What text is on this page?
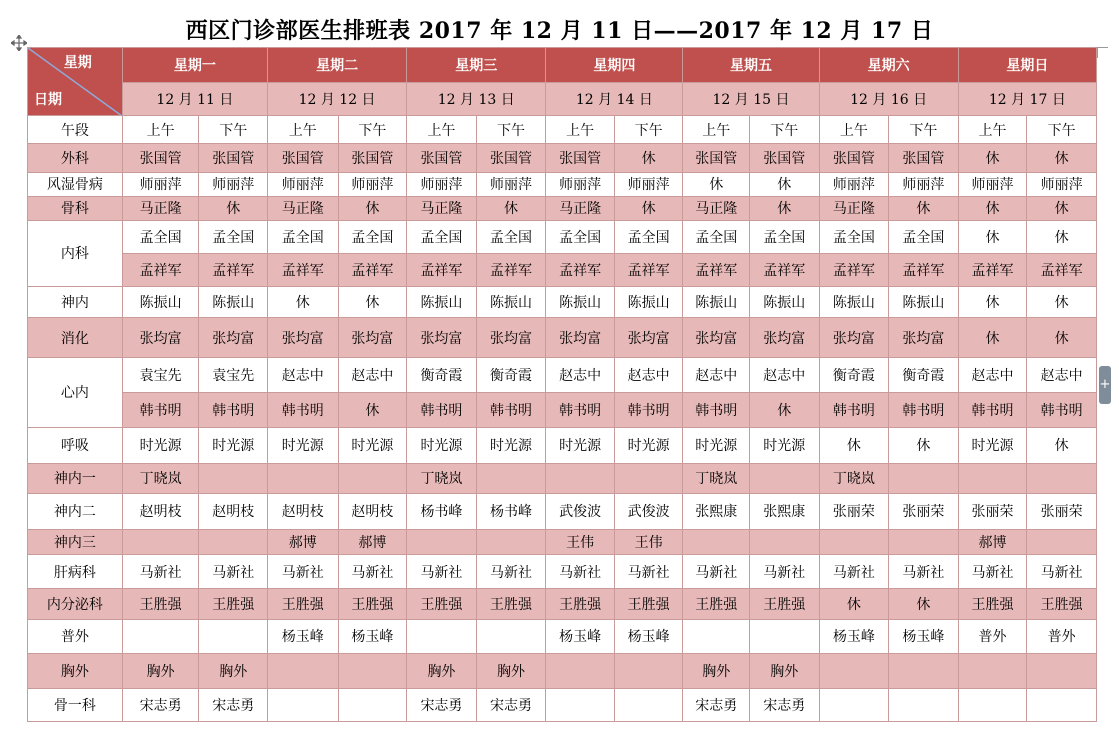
西区门诊部医生排班表 2017 年 12 月 11 日——2017 年 12 月 17 日
+
星期
日期	星期一		星期二		星期三		星期四		星期五		星期六		星期日	
	12 月 11 日		12 月 12 日		12 月 13 日		12 月 14 日		12 月 15 日		12 月 16 日		12 月 17 日	
午段	上午	下午	上午	下午	上午	下午	上午	下午	上午	下午	上午	下午	上午	下午
外科	张国管	张国管	张国管	张国管	张国管	张国管	张国管	休	张国管	张国管	张国管	张国管	休	休
风湿骨病	师丽萍	师丽萍	师丽萍	师丽萍	师丽萍	师丽萍	师丽萍	师丽萍	休	休	师丽萍	师丽萍	师丽萍	师丽萍
骨科	马正隆	休	马正隆	休	马正隆	休	马正隆	休	马正隆	休	马正隆	休	休	休
内科	孟全国	孟全国	孟全国	孟全国	孟全国	孟全国	孟全国	孟全国	孟全国	孟全国	孟全国	孟全国	休	休
	孟祥军	孟祥军	孟祥军	孟祥军	孟祥军	孟祥军	孟祥军	孟祥军	孟祥军	孟祥军	孟祥军	孟祥军	孟祥军	孟祥军
神内	陈振山	陈振山	休	休	陈振山	陈振山	陈振山	陈振山	陈振山	陈振山	陈振山	陈振山	休	休
消化	张均富	张均富	张均富	张均富	张均富	张均富	张均富	张均富	张均富	张均富	张均富	张均富	休	休
心内	袁宝先	袁宝先	赵志中	赵志中	衡奇霞	衡奇霞	赵志中	赵志中	赵志中	赵志中	衡奇霞	衡奇霞	赵志中	赵志中
	韩书明	韩书明	韩书明	休	韩书明	韩书明	韩书明	韩书明	韩书明	休	韩书明	韩书明	韩书明	韩书明
呼吸	时光源	时光源	时光源	时光源	时光源	时光源	时光源	时光源	时光源	时光源	休	休	时光源	休
神内一	丁晓岚				丁晓岚				丁晓岚		丁晓岚			
神内二	赵明枝	赵明枝	赵明枝	赵明枝	杨书峰	杨书峰	武俊波	武俊波	张熙康	张熙康	张丽荣	张丽荣	张丽荣	张丽荣
神内三			郝博	郝博			王伟	王伟					郝博	
肝病科	马新社	马新社	马新社	马新社	马新社	马新社	马新社	马新社	马新社	马新社	马新社	马新社	马新社	马新社
内分泌科	王胜强	王胜强	王胜强	王胜强	王胜强	王胜强	王胜强	王胜强	王胜强	王胜强	休	休	王胜强	王胜强
普外			杨玉峰	杨玉峰			杨玉峰	杨玉峰			杨玉峰	杨玉峰	普外	普外
胸外	胸外	胸外			胸外	胸外			胸外	胸外				
骨一科	宋志勇	宋志勇			宋志勇	宋志勇			宋志勇	宋志勇				
